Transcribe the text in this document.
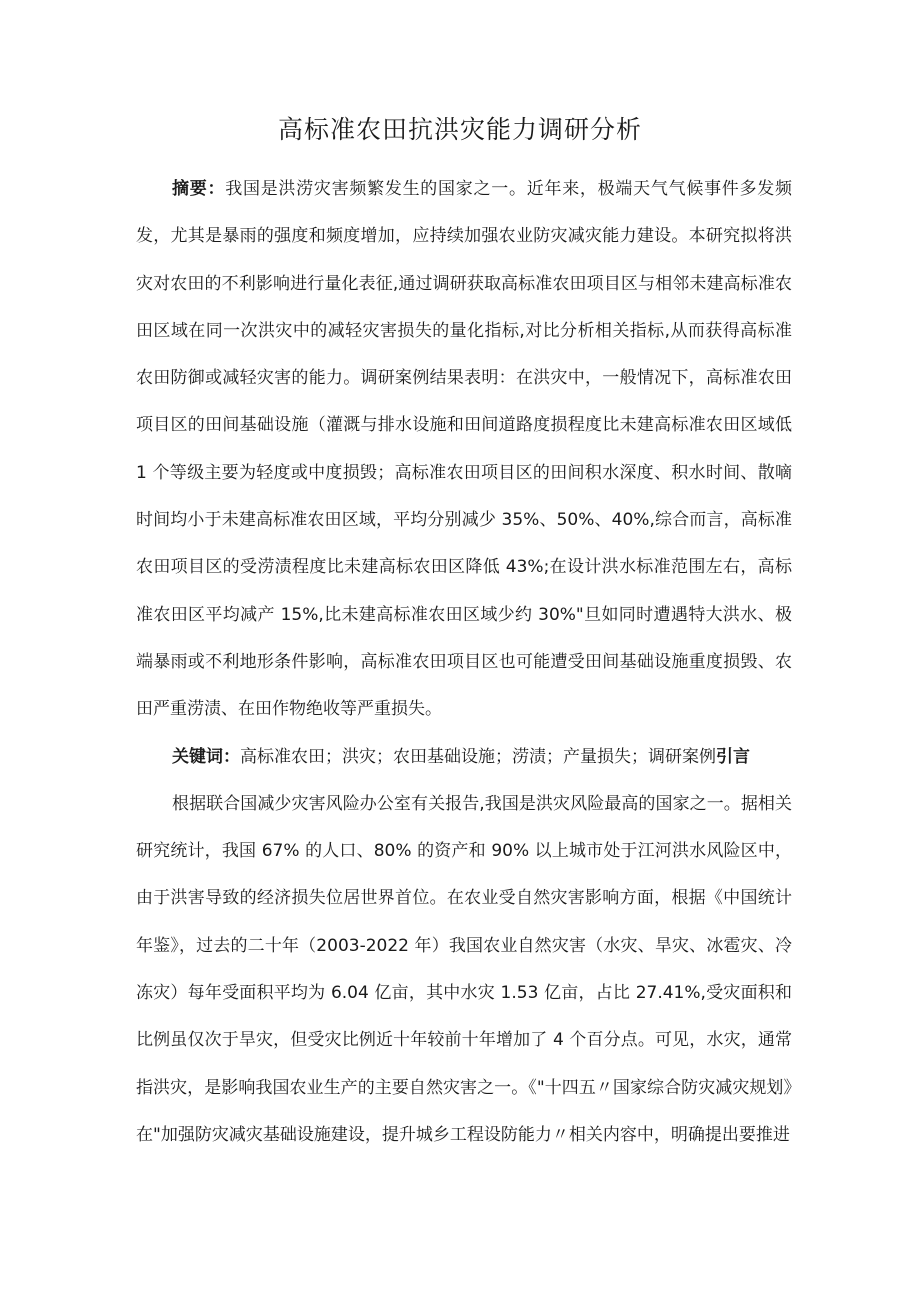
高标准农田抗洪灾能力调研分析

摘要：我国是洪涝灾害频繁发生的国家之一。近年来，极端天气气候事件多发频发，尤其是暴雨的强度和频度增加，应持续加强农业防灾减灾能力建设。本研究拟将洪灾对农田的不利影响进行量化表征,通过调研获取高标准农田项目区与相邻未建高标准农田区域在同一次洪灾中的减轻灾害损失的量化指标,对比分析相关指标,从而获得高标准农田防御或减轻灾害的能力。调研案例结果表明：在洪灾中，一般情况下，高标准农田项目区的田间基础设施（灌溉与排水设施和田间道路度损程度比未建高标准农田区域低 1 个等级主要为轻度或中度损毁；高标准农田项目区的田间积水深度、积水时间、散嘀时间均小于未建高标准农田区域，平均分别减少 35%、50%、40%,综合而言，高标准农田项目区的受涝渍程度比未建高标农田区降低 43%;在设计洪水标准范围左右，高标准农田区平均减产 15%,比未建高标准农田区域少约 30%"旦如同时遭遇特大洪水、极端暴雨或不利地形条件影响，高标准农田项目区也可能遭受田间基础设施重度损毁、农田严重涝渍、在田作物绝收等严重损失。

关键词：高标准农田；洪灾；农田基础设施；涝渍；产量损失；调研案例引言

根据联合国减少灾害风险办公室有关报告,我国是洪灾风险最高的国家之一。据相关研究统计，我国 67% 的人口、80% 的资产和 90% 以上城市处于江河洪水风险区中，由于洪害导致的经济损失位居世界首位。在农业受自然灾害影响方面，根据《中国统计年鉴》，过去的二十年（2003-2022 年）我国农业自然灾害（水灾、旱灾、冰雹灾、冷冻灾）每年受面积平均为 6.04 亿亩，其中水灾 1.53 亿亩，占比 27.41%,受灾面积和比例虽仅次于旱灾，但受灾比例近十年较前十年增加了 4 个百分点。可见，水灾，通常指洪灾，是影响我国农业生产的主要自然灾害之一。《"十四五〃国家综合防灾减灾规划》在"加强防灾减灾基础设施建设，提升城乡工程设防能力〃相关内容中，明确提出要推进
